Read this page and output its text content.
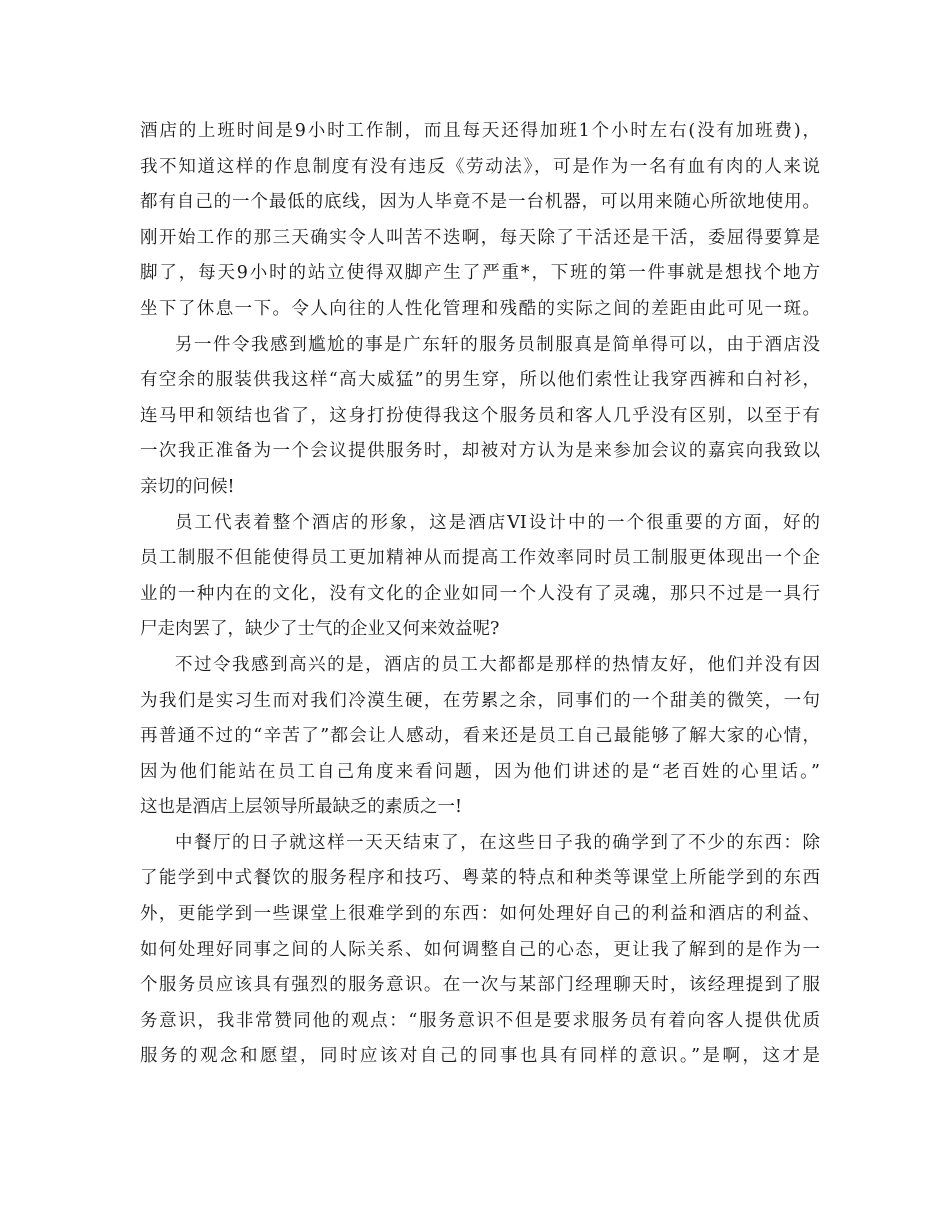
酒店的上班时间是9小时工作制，而且每天还得加班1个小时左右(没有加班费)，
我不知道这样的作息制度有没有违反《劳动法》，可是作为一名有血有肉的人来说
都有自己的一个最低的底线，因为人毕竟不是一台机器，可以用来随心所欲地使用。
刚开始工作的那三天确实令人叫苦不迭啊，每天除了干活还是干活，委屈得要算是
脚了，每天9小时的站立使得双脚产生了严重*，下班的第一件事就是想找个地方
坐下了休息一下。令人向往的人性化管理和残酷的实际之间的差距由此可见一斑。
另一件令我感到尴尬的事是广东轩的服务员制服真是简单得可以，由于酒店没
有空余的服装供我这样“高大威猛”的男生穿，所以他们索性让我穿西裤和白衬衫，
连马甲和领结也省了，这身打扮使得我这个服务员和客人几乎没有区别，以至于有
一次我正准备为一个会议提供服务时，却被对方认为是来参加会议的嘉宾向我致以
亲切的问候!
员工代表着整个酒店的形象，这是酒店VI设计中的一个很重要的方面，好的
员工制服不但能使得员工更加精神从而提高工作效率同时员工制服更体现出一个企
业的一种内在的文化，没有文化的企业如同一个人没有了灵魂，那只不过是一具行
尸走肉罢了，缺少了士气的企业又何来效益呢?
不过令我感到高兴的是，酒店的员工大都都是那样的热情友好，他们并没有因
为我们是实习生而对我们冷漠生硬，在劳累之余，同事们的一个甜美的微笑，一句
再普通不过的“辛苦了”都会让人感动，看来还是员工自己最能够了解大家的心情，
因为他们能站在员工自己角度来看问题，因为他们讲述的是“老百姓的心里话。”
这也是酒店上层领导所最缺乏的素质之一!
中餐厅的日子就这样一天天结束了，在这些日子我的确学到了不少的东西：除
了能学到中式餐饮的服务程序和技巧、粤菜的特点和种类等课堂上所能学到的东西
外，更能学到一些课堂上很难学到的东西：如何处理好自己的利益和酒店的利益、
如何处理好同事之间的人际关系、如何调整自己的心态，更让我了解到的是作为一
个服务员应该具有强烈的服务意识。在一次与某部门经理聊天时，该经理提到了服
务意识，我非常赞同他的观点：“服务意识不但是要求服务员有着向客人提供优质
服务的观念和愿望，同时应该对自己的同事也具有同样的意识。”是啊，这才是
